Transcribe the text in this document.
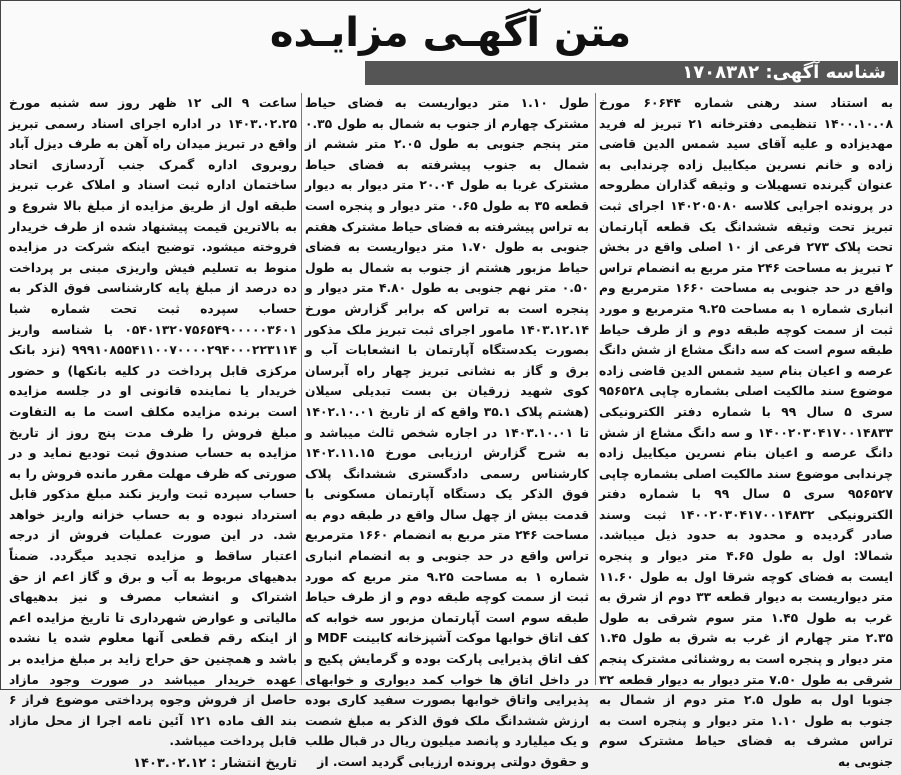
متن آگهـی مزایـده
شناسه آگهی: ۱۷۰۸۳۸۲

به استناد سند رهنی شماره ۶۰۶۴۴ مورخ ۱۴۰۰.۱۰.۰۸ تنظیمی دفترخانه ۲۱ تبریز له فرید مهدیزاده و علیه آقای سید شمس الدین قاضی زاده و خانم نسرین میکاییل زاده چرندابی به عنوان گیرنده تسهیلات و وثیقه گذاران مطروحه در پرونده اجرایی کلاسه ۱۴۰۲۰۵۰۸۰ اجرای ثبت تبریز تحت وثیقه ششدانگ یک قطعه آپارتمان تحت پلاک ۲۷۳ فرعی از ۱۰ اصلی واقع در بخش ۲ تبریز به مساحت ۲۴۶ متر مربع به انضمام تراس واقع در حد جنوبی به مساحت ۱۶۶۰ مترمربع وم انباری شماره ۱ به مساحت ۹.۲۵ مترمربع و مورد ثبت از سمت کوچه طبقه دوم و از طرف حیاط طبقه سوم است که سه دانگ مشاع از شش دانگ عرصه و اعیان بنام سید شمس الدین قاضی زاده موضوع سند مالکیت اصلی بشماره چاپی ۹۵۶۵۲۸ سری ۵ سال ۹۹ با شماره دفتر الکترونیکی ۱۴۰۰۲۰۳۰۴۱۷۰۰۱۴۸۳۳ و سه دانگ مشاع از شش دانگ عرصه و اعیان بنام نسرین میکاییل زاده چرندابی موضوع سند مالکیت اصلی بشماره چاپی ۹۵۶۵۲۷ سری ۵ سال ۹۹ با شماره دفتر الکترونیکی ۱۴۰۰۲۰۳۰۴۱۷۰۰۱۴۸۳۲ ثبت وسند صادر گردیده و محدود به حدود ذیل میباشد. شمالا: اول به طول ۴.۶۵ متر دیوار و پنجره ایست به فضای کوچه شرقا اول به طول ۱۱.۶۰ متر دیواریست به دیوار قطعه ۳۳ دوم از شرق به غرب به طول ۱.۴۵ متر سوم شرقی به طول ۲.۳۵ متر چهارم از غرب به شرق به طول ۱.۴۵ متر دیوار و پنجره است به روشنائی مشترک پنجم شرقی به طول ۷.۵۰ متر دیوار به دیوار قطعه ۳۲ جنوبا اول به طول ۲.۵ متر دوم از شمال به جنوب به طول ۱.۱۰ متر دیوار و پنجره است به تراس مشرف به فضای حیاط مشترک سوم جنوبی به

طول ۱.۱۰ متر دیواریست به فضای حیاط مشترک چهارم از جنوب به شمال به طول ۰.۳۵ متر پنجم جنوبی به طول ۲.۰۵ متر ششم از شمال به جنوب پیشرفته به فضای حیاط مشترک غربا به طول ۲۰.۰۴ متر دیوار به دیوار قطعه ۳۵ به طول ۰.۶۵ متر دیوار و پنجره است به تراس پیشرفته به فضای حیاط مشترک هفتم جنوبی به طول ۱.۷۰ متر دیواریست به فضای حیاط مزبور هشتم از جنوب به شمال به طول ۰.۵۰ متر نهم جنوبی به طول ۴.۸۰ متر دیوار و پنجره است به تراس که برابر گزارش مورخ ۱۴۰۳.۱۲.۱۴ مامور اجرای ثبت تبریز ملک مذکور بصورت یکدستگاه آپارتمان با انشعابات آب و برق و گاز به نشانی تبریز چهار راه آبرسان کوی شهید زرقیان بن بست تبدیلی سیلان (هشتم پلاک ۳۵.۱ واقع که از تاریخ ۱۴۰۲.۱۰.۰۱ تا ۱۴۰۳.۱۰.۰۱ در اجاره شخص ثالث میباشد و به شرح گزارش ارزیابی مورخ ۱۴۰۲.۱۱.۱۵ کارشناس رسمی دادگستری ششدانگ پلاک فوق الذکر یک دستگاه آپارتمان مسکونی با قدمت بیش از چهل سال واقع در طبقه دوم به مساحت ۲۴۶ متر مربع به انضمام ۱۶۶۰ مترمربع تراس واقع در حد جنوبی و به انضمام انباری شماره ۱ به مساحت ۹.۲۵ متر مربع که مورد ثبت از سمت کوچه طبقه دوم و از طرف حیاط طبقه سوم است آپارتمان مزبور سه خوابه که کف اتاق خوابها موکت آشپزخانه کابینت MDF و کف اتاق پذیرایی پارکت بوده و گرمایش پکیج و در داخل اتاق ها خواب کمد دیواری و خوابهای پذیرایی واتاق خوابها بصورت سفید کاری بوده ارزش ششدانگ ملک فوق الذکر به مبلغ شصت و یک میلیارد و پانصد میلیون ریال در قبال طلب و حقوق دولتی پرونده ارزیابی گردید است. از

ساعت ۹ الی ۱۲ ظهر روز سه شنبه مورخ ۱۴۰۳.۰۲.۲۵ در اداره اجرای اسناد رسمی تبریز واقع در تبریز میدان راه آهن به طرف دیزل آباد روبروی اداره گمرک جنب آردسازی اتحاد ساختمان اداره ثبت اسناد و املاک غرب تبریز طبقه اول از طریق مزایده از مبلغ بالا شروع و به بالاترین قیمت پیشنهاد شده از طرف خریدار فروخته میشود. توضیح اینکه شرکت در مزایده منوط به تسلیم فیش واریزی مبنی بر پرداخت ده درصد از مبلغ پایه کارشناسی فوق الذکر به حساب سپرده ثبت تحت شماره شبا ۰۵۴۰۱۳۲۰۷۵۶۵۴۹۰۰۰۰۰۳۶۰۱ با شناسه واریز ۹۹۹۱۰۸۵۵۴۱۱۰۰۷۰۰۰۰۲۹۴۰۰۰۲۲۳۱۱۴ (نزد بانک مرکزی قابل پرداخت در کلیه بانکها) و حضور خریدار یا نماینده قانونی او در جلسه مزایده است برنده مزایده مکلف است ما به التفاوت مبلغ فروش را ظرف مدت پنج روز از تاریخ مزایده به حساب صندوق ثبت تودیع نماید و در صورتی که ظرف مهلت مقرر مانده فروش را به حساب سپرده ثبت واریز نکند مبلغ مذکور قابل استرداد نبوده و به حساب خزانه واریز خواهد شد. در این صورت عملیات فروش از درجه اعتبار ساقط و مزایده تجدید میگردد. ضمناً بدهیهای مربوط به آب و برق و گاز اعم از حق اشتراک و انشعاب مصرف و نیز بدهیهای مالیاتی و عوارض شهرداری تا تاریخ مزایده اعم از اینکه رقم قطعی آنها معلوم شده یا نشده باشد و همچنین حق حراج زاید بر مبلغ مزایده بر عهده خریدار میباشد در صورت وجود مازاد حاصل از فروش وجوه پرداختی موضوع فراز ۶ بند الف ماده ۱۲۱ آئین نامه اجرا از محل مازاد قابل پرداخت میباشد.

تاریخ انتشار : ۱۴۰۳.۰۲.۱۲
